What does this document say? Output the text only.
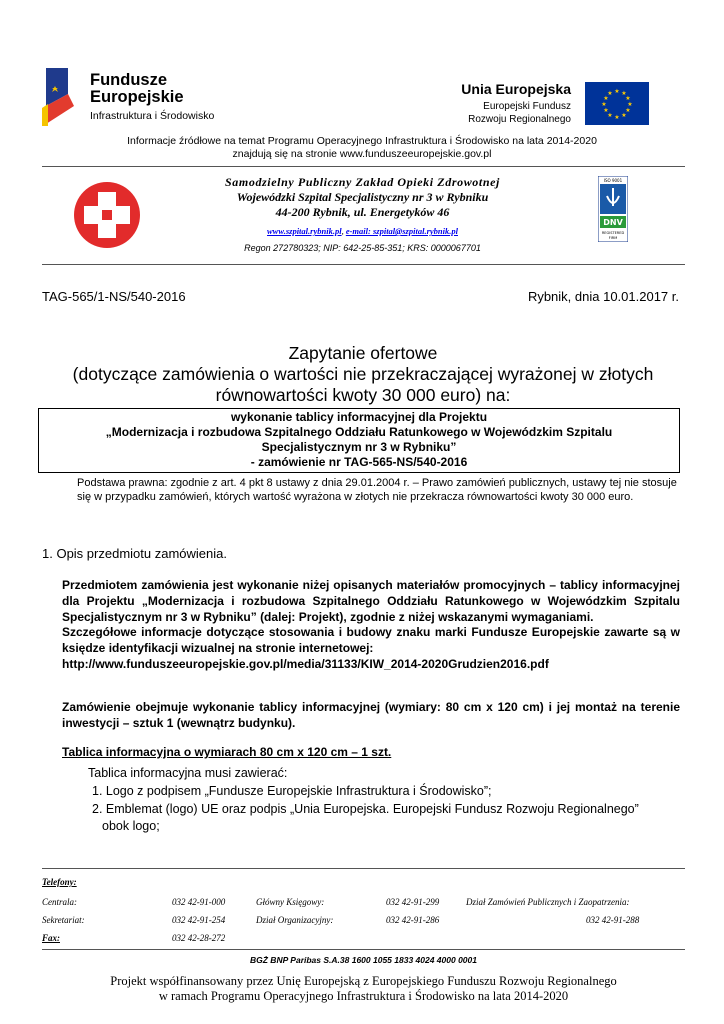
Fundusze
Europejskie
Infrastruktura i Środowisko
Unia Europejska
Europejski Fundusz
Rozwoju Regionalnego
★ ★
★
★
★
★
★
★
★
★
★
★
Informacje źródłowe na temat Programu Operacyjnego Infrastruktura i Środowisko na lata 2014-2020
znajdują się na stronie www.funduszeeuropejskie.gov.pl
Samodzielny Publiczny Zakład Opieki Zdrowotnej
Wojewódzki Szpital Specjalistyczny nr 3 w Rybniku
44-200 Rybnik, ul. Energetyków 46
www.szpital.rybnik.pl, e-mail: szpital@szpital.rybnik.pl
Regon 272780323; NIP: 642-25-85-351; KRS: 0000067701
ISO 9001
DNV
REGISTERED
FIRM
TAG-565/1-NS/540-2016	Rybnik, dnia 10.01.2017 r.
Zapytanie ofertowe
(dotyczące zamówienia o wartości nie przekraczającej wyrażonej w złotych
równowartości kwoty 30 000 euro) na:
wykonanie tablicy informacyjnej dla Projektu
„Modernizacja i rozbudowa Szpitalnego Oddziału Ratunkowego w Wojewódzkim Szpitalu
Specjalistycznym nr 3 w Rybniku”
- zamówienie nr TAG-565-NS/540-2016
Podstawa prawna: zgodnie z art. 4 pkt 8 ustawy z dnia 29.01.2004 r. – Prawo zamówień publicznych, ustawy tej nie stosuje się w przypadku zamówień, których wartość wyrażona w złotych nie przekracza równowartości kwoty 30 000 euro.
1. Opis przedmiotu zamówienia.
Przedmiotem zamówienia jest wykonanie niżej opisanych materiałów promocyjnych – tablicy informacyjnej dla Projektu „Modernizacja i rozbudowa Szpitalnego Oddziału Ratunkowego w Wojewódzkim Szpitalu Specjalistycznym nr 3 w Rybniku” (dalej: Projekt), zgodnie z niżej wskazanymi wymaganiami.
Szczegółowe informacje dotyczące stosowania i budowy znaku marki Fundusze Europejskie zawarte są w księdze identyfikacji wizualnej na stronie internetowej:
http://www.funduszeeuropejskie.gov.pl/media/31133/KIW_2014-2020Grudzien2016.pdf
Zamówienie obejmuje wykonanie tablicy informacyjnej (wymiary: 80 cm x 120 cm) i jej montaż na terenie inwestycji – sztuk 1 (wewnątrz budynku).
Tablica informacyjna o wymiarach 80 cm x 120 cm – 1 szt.
Tablica informacyjna musi zawierać:
1. Logo z podpisem „Fundusze Europejskie Infrastruktura i Środowisko”;
2. Emblemat (logo) UE oraz podpis „Unia Europejska. Europejski Fundusz Rozwoju Regionalnego”
obok logo;
Telefony:
Centrala:	032 42-91-000	Główny Księgowy:	032 42-91-299	Dział Zamówień Publicznych i Zaopatrzenia:
Sekretariat:	032 42-91-254	Dział Organizacyjny:	032 42-91-286	032 42-91-288
Fax:	032 42-28-272
BGŻ BNP Paribas S.A.38 1600 1055 1833 4024 4000 0001
Projekt współfinansowany przez Unię Europejską z Europejskiego Funduszu Rozwoju Regionalnego
w ramach Programu Operacyjnego Infrastruktura i Środowisko na lata 2014-2020
